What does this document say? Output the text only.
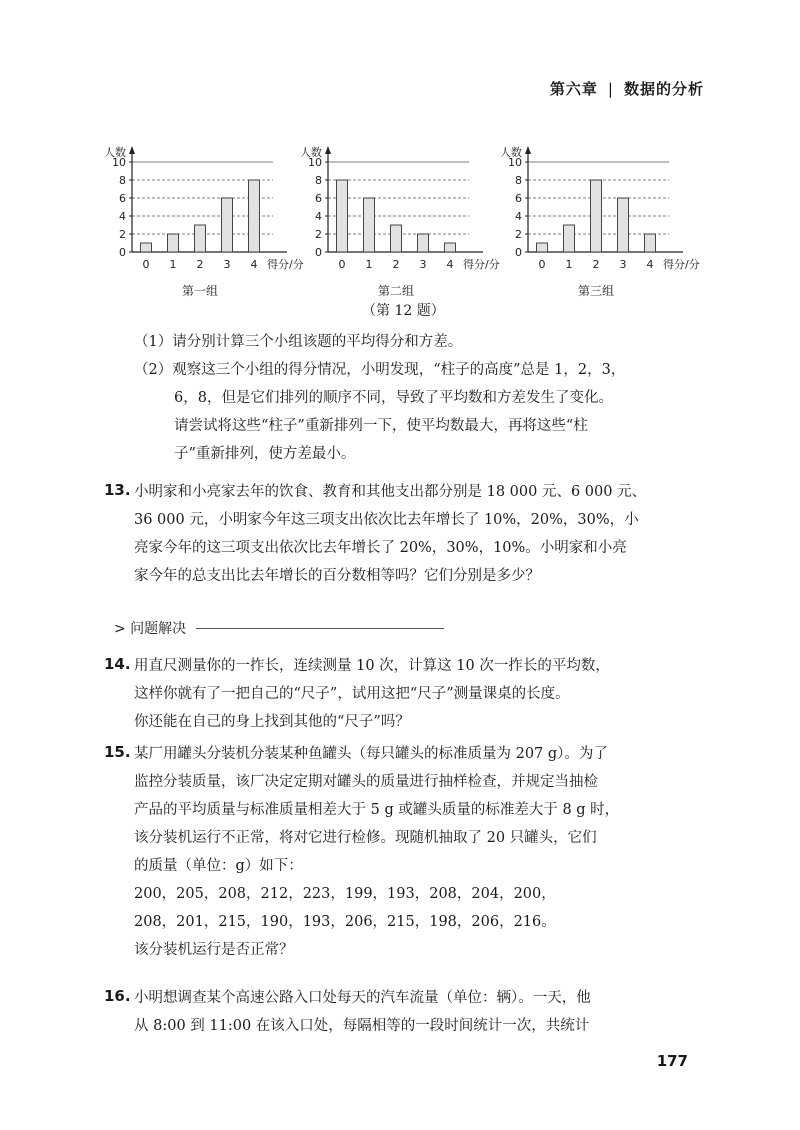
第六章 | 数据的分析
0
2
4
6
8
10
人数
0 1 2 3 4 得分/分
0
2
4
6
8
10
人数
0 1 2 3 4 得分/分
0
2
4
6
8
10
人数
0 1 2 3 4 得分/分
第一组	第二组	第三组
（第 12 题）
（1）请分别计算三个小组该题的平均得分和方差。
（2）观察这三个小组的得分情况，小明发现，“柱子的高度”总是 1，2，3，
6，8，但是它们排列的顺序不同，导致了平均数和方差发生了变化。
请尝试将这些“柱子”重新排列一下，使平均数最大，再将这些“柱
子”重新排列，使方差最小。
13. 小明家和小亮家去年的饮食、教育和其他支出都分别是 18 000 元、6 000 元、
36 000 元，小明家今年这三项支出依次比去年增长了 10%，20%，30%，小
亮家今年的这三项支出依次比去年增长了 20%，30%，10%。小明家和小亮
家今年的总支出比去年增长的百分数相等吗？它们分别是多少？
> 问题解决
14. 用直尺测量你的一拃长，连续测量 10 次，计算这 10 次一拃长的平均数，
这样你就有了一把自己的“尺子”，试用这把“尺子”测量课桌的长度。
你还能在自己的身上找到其他的“尺子”吗？
15. 某厂用罐头分装机分装某种鱼罐头（每只罐头的标准质量为 207 g）。为了
监控分装质量，该厂决定定期对罐头的质量进行抽样检查，并规定当抽检
产品的平均质量与标准质量相差大于 5 g 或罐头质量的标准差大于 8 g 时，
该分装机运行不正常，将对它进行检修。现随机抽取了 20 只罐头，它们
的质量（单位：g）如下：
200，205，208，212，223，199，193，208，204，200，
208，201，215，190，193，206，215，198，206，216。
该分装机运行是否正常？
16. 小明想调查某个高速公路入口处每天的汽车流量（单位：辆）。一天，他
从 8:00 到 11:00 在该入口处，每隔相等的一段时间统计一次，共统计
177
